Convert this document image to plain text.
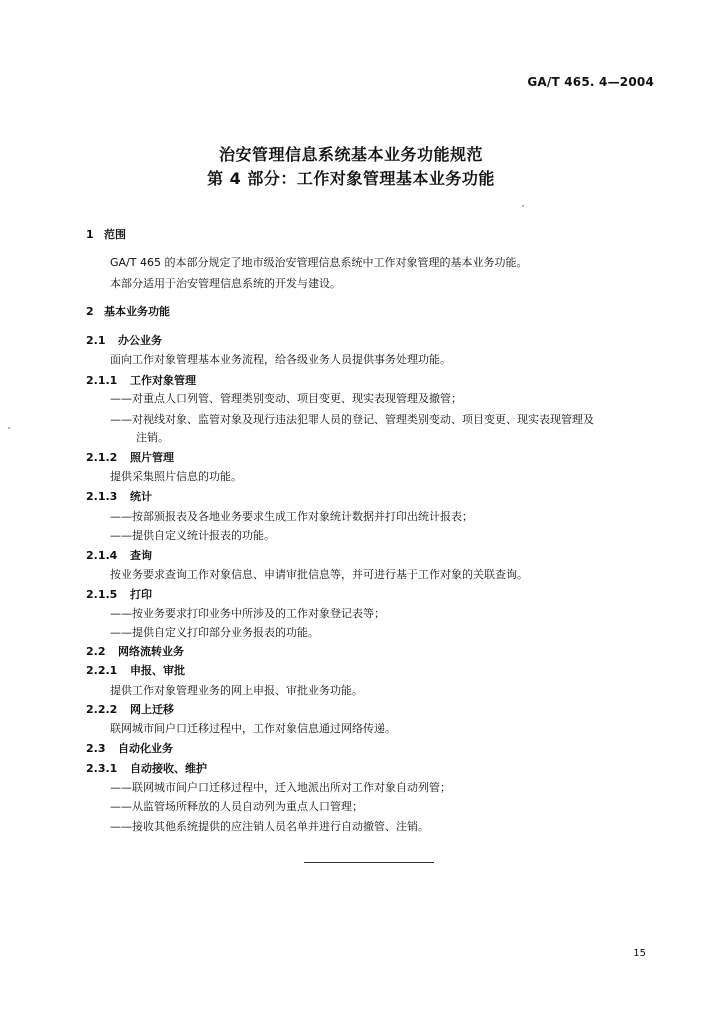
GA/T 465. 4—2004
治安管理信息系统基本业务功能规范
第 4 部分：工作对象管理基本业务功能
1 范围
GA/T 465 的本部分规定了地市级治安管理信息系统中工作对象管理的基本业务功能。
本部分适用于治安管理信息系统的开发与建设。
2 基本业务功能
2.1 办公业务
面向工作对象管理基本业务流程，给各级业务人员提供事务处理功能。
2.1.1 工作对象管理
——对重点人口列管、管理类别变动、项目变更、现实表现管理及撤管；
——对视线对象、监管对象及现行违法犯罪人员的登记、管理类别变动、项目变更、现实表现管理及
注销。
2.1.2 照片管理
提供采集照片信息的功能。
2.1.3 统计
——按部颁报表及各地业务要求生成工作对象统计数据并打印出统计报表；
——提供自定义统计报表的功能。
2.1.4 查询
按业务要求查询工作对象信息、申请审批信息等，并可进行基于工作对象的关联查询。
2.1.5 打印
——按业务要求打印业务中所涉及的工作对象登记表等；
——提供自定义打印部分业务报表的功能。
2.2 网络流转业务
2.2.1 申报、审批
提供工作对象管理业务的网上申报、审批业务功能。
2.2.2 网上迁移
联网城市间户口迁移过程中，工作对象信息通过网络传递。
2.3 自动化业务
2.3.1 自动接收、维护
——联网城市间户口迁移过程中，迁入地派出所对工作对象自动列管；
——从监管场所释放的人员自动列为重点人口管理；
——接收其他系统提供的应注销人员名单并进行自动撤管、注销。
15
